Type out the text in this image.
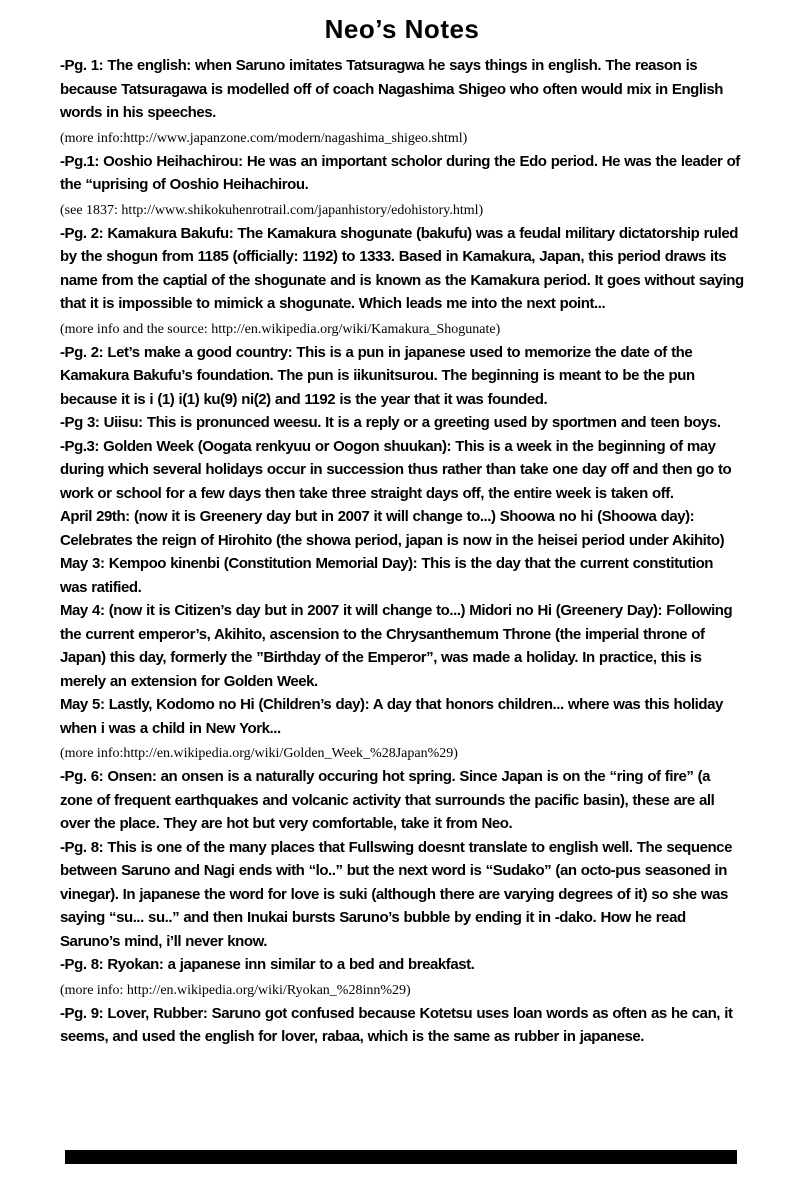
Neo’s Notes

-Pg. 1: The english: when Saruno imitates Tatsuragwa he says things in english. The reason is because Tatsuragawa is modelled off of coach Nagashima Shigeo who often would mix in English words in his speeches.

(more info:http://www.japanzone.com/modern/nagashima_shigeo.shtml)

-Pg.1: Ooshio Heihachirou: He was an important scholor during the Edo period. He was the leader of the “uprising of Ooshio Heihachirou.

(see 1837: http://www.shikokuhenrotrail.com/japanhistory/edohistory.html)

-Pg. 2: Kamakura Bakufu: The Kamakura shogunate (bakufu) was a feudal military dictatorship ruled by the shogun from 1185 (officially: 1192) to 1333. Based in Kamakura, Japan, this period draws its name from the captial of the shogunate and is known as the Kamakura period. It goes without saying that it is impossible to mimick a shogunate. Which leads me into the next point...

(more info and the source: http://en.wikipedia.org/wiki/Kamakura_Shogunate)

-Pg. 2: Let’s make a good country: This is a pun in japanese used to memorize the date of the Kamakura Bakufu’s foundation. The pun is iikunitsurou. The beginning is meant to be the pun because it is i (1) i(1) ku(9) ni(2) and 1192 is the year that it was founded.

-Pg 3: Uiisu: This is pronunced weesu. It is a reply or a greeting used by sportmen and teen boys.

-Pg.3: Golden Week (Oogata renkyuu or Oogon shuukan): This is a week in the beginning of may during which several holidays occur in succession thus rather than take one day off and then go to work or school for a few days then take three straight days off, the entire week is taken off.

April 29th: (now it is Greenery day but in 2007 it will change to...) Shoowa no hi (Shoowa day): Celebrates the reign of Hirohito (the showa period, japan is now in the heisei period under Akihito)

May 3: Kempoo kinenbi (Constitution Memorial Day): This is the day that the current constitution was ratified.

May 4: (now it is Citizen’s day but in 2007 it will change to...) Midori no Hi (Greenery Day): Following the current emperor’s, Akihito, ascension to the Chrysanthemum Throne (the imperial throne of Japan) this day, formerly the ”Birthday of the Emperor”, was made a holiday. In practice, this is merely an extension for Golden Week.

May 5: Lastly, Kodomo no Hi (Children’s day): A day that honors children... where was this holiday when i was a child in New York...

(more info:http://en.wikipedia.org/wiki/Golden_Week_%28Japan%29)

-Pg. 6: Onsen: an onsen is a naturally occuring hot spring. Since Japan is on the “ring of fire” (a zone of frequent earthquakes and volcanic activity that surrounds the pacific basin), these are all over the place. They are hot but very comfortable, take it from Neo.

-Pg. 8: This is one of the many places that Fullswing doesnt translate to english well. The sequence between Saruno and Nagi ends with “lo..” but the next word is “Sudako” (an octo-pus seasoned in vinegar). In japanese the word for love is suki (although there are varying degrees of it) so she was saying “su... su..” and then Inukai bursts Saruno’s bubble by ending it in -dako. How he read Saruno’s mind, i’ll never know.

-Pg. 8: Ryokan: a japanese inn similar to a bed and breakfast.

(more info: http://en.wikipedia.org/wiki/Ryokan_%28inn%29)

-Pg. 9: Lover, Rubber: Saruno got confused because Kotetsu uses loan words as often as he can, it seems, and used the english for lover, rabaa, which is the same as rubber in japanese.
